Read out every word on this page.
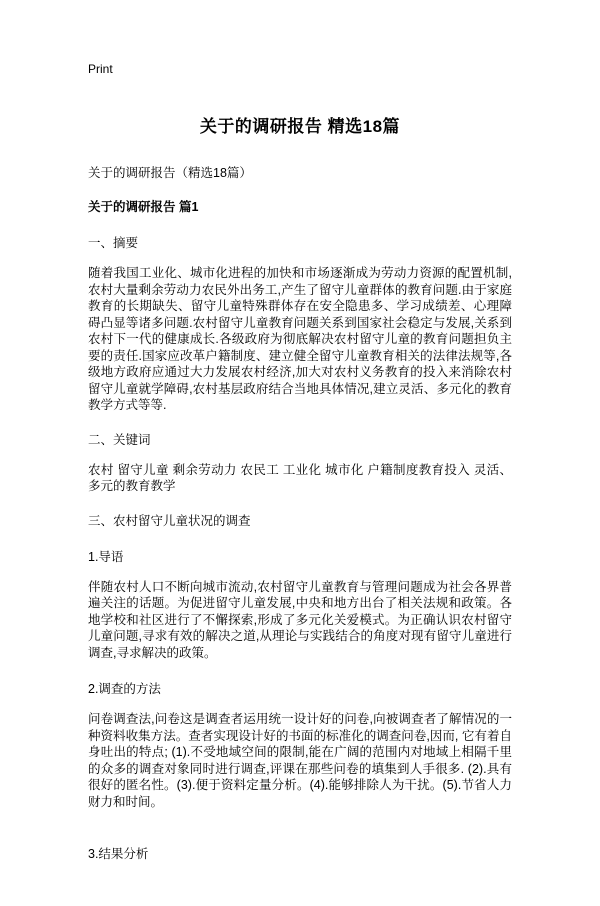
Print
关于的调研报告 精选18篇
关于的调研报告（精选18篇）
关于的调研报告 篇1
一、摘要
随着我国工业化、城市化进程的加快和市场逐渐成为劳动力资源的配置机制,农村大量剩余劳动力农民外出务工,产生了留守儿童群体的教育问题.由于家庭教育的长期缺失、留守儿童特殊群体存在安全隐患多、学习成绩差、心理障碍凸显等诸多问题.农村留守儿童教育问题关系到国家社会稳定与发展,关系到农村下一代的健康成长.各级政府为彻底解决农村留守儿童的教育问题担负主要的责任.国家应改革户籍制度、建立健全留守儿童教育相关的法律法规等,各级地方政府应通过大力发展农村经济,加大对农村义务教育的投入来消除农村留守儿童就学障碍,农村基层政府结合当地具体情况,建立灵活、多元化的教育教学方式等等.
二、关键词
农村 留守儿童 剩余劳动力 农民工 工业化 城市化 户籍制度教育投入 灵活、多元的教育教学
三、农村留守儿童状况的调查
1.导语
伴随农村人口不断向城市流动,农村留守儿童教育与管理问题成为社会各界普遍关注的话题。为促进留守儿童发展,中央和地方出台了相关法规和政策。各地学校和社区进行了不懈探索,形成了多元化关爱模式。为正确认识农村留守儿童问题,寻求有效的解决之道,从理论与实践结合的角度对现有留守儿童进行调查,寻求解决的政策。
2.调查的方法
问卷调查法,问卷这是调查者运用统一设计好的问卷,向被调查者了解情况的一种资料收集方法。查者实现设计好的书面的标准化的调查问卷,因而, 它有着自身吐出的特点; (1).不受地域空间的限制,能在广阔的范围内对地域上相隔千里的众多的调查对象同时进行调查,评课在那些问卷的填集到人手很多. (2).具有很好的匿名性。(3).便于资料定量分析。(4).能够排除人为干扰。(5).节省人力财力和时间。
3.结果分析
